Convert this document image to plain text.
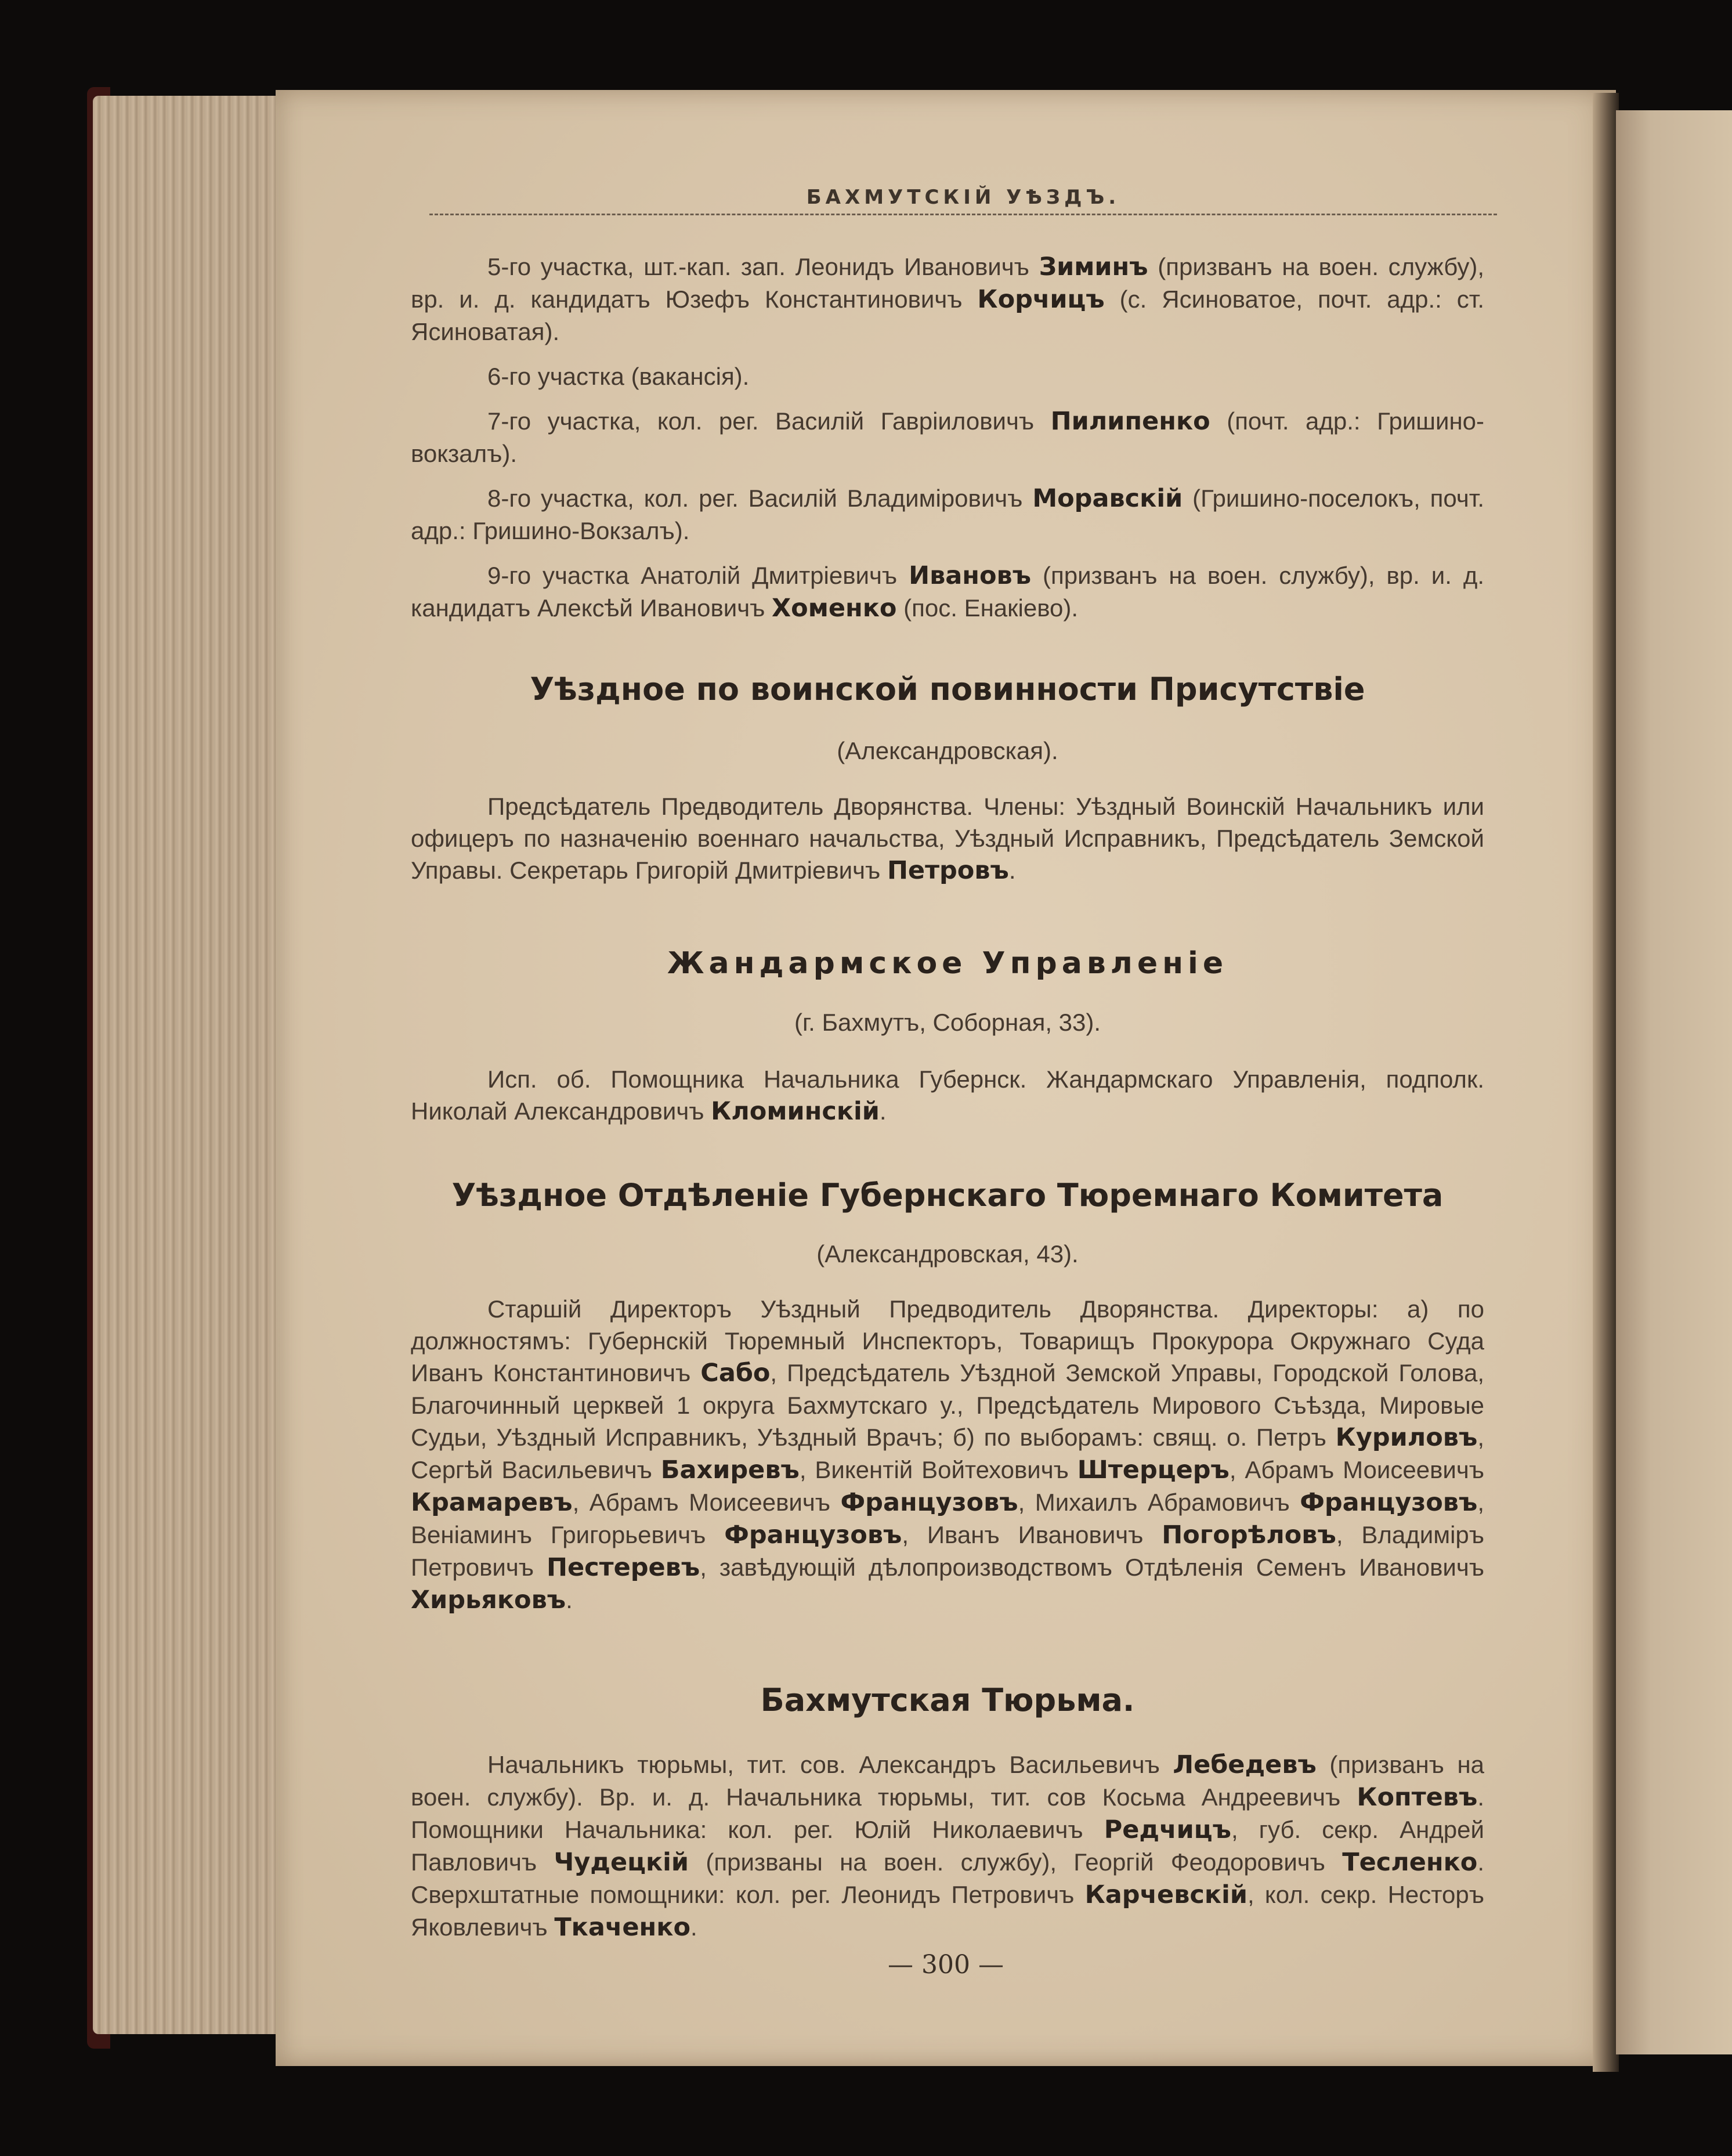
БАХМУТСКІЙ УѢЗДЪ.

5-го участка, шт.-кап. зап. Леонидъ Ивановичъ Зиминъ (призванъ на воен. службу), вр. и. д. кандидатъ Юзефъ Константиновичъ Корчицъ (с. Ясиноватое, почт. адр.: ст. Ясиноватая).

6-го участка (вакансія).

7-го участка, кол. рег. Василій Гавріиловичъ Пилипенко (почт. адр.: Гришино-вокзалъ).

8-го участка, кол. рег. Василій Владиміровичъ Моравскій (Гришино-поселокъ, почт. адр.: Гришино-Вокзалъ).

9-го участка Анатолій Дмитріевичъ Ивановъ (призванъ на воен. службу), вр. и. д. кандидатъ Алексѣй Ивановичъ Хоменко (пос. Енакіево).

Уѣздное по воинской повинности Присутствіе
(Александровская).

Предсѣдатель Предводитель Дворянства. Члены: Уѣздный Воинскій Начальникъ или офицеръ по назначенію военнаго начальства, Уѣздный Исправникъ, Предсѣдатель Земской Управы. Секретарь Григорій Дмитріевичъ Петровъ.

Жандармское Управленіе
(г. Бахмутъ, Соборная, 33).

Исп. об. Помощника Начальника Губернск. Жандармскаго Управленія, подполк. Николай Александровичъ Кломинскій.

Уѣздное Отдѣленіе Губернскаго Тюремнаго Комитета
(Александровская, 43).

Старшій Директоръ Уѣздный Предводитель Дворянства. Директоры: а) по должностямъ: Губернскій Тюремный Инспекторъ, Товарищъ Прокурора Окружнаго Суда Иванъ Константиновичъ Сабо, Предсѣдатель Уѣздной Земской Управы, Городской Голова, Благочинный церквей 1 округа Бахмутскаго у., Предсѣдатель Мирового Съѣзда, Мировые Судьи, Уѣздный Исправникъ, Уѣздный Врачъ; б) по выборамъ: свящ. о. Петръ Куриловъ, Сергѣй Васильевичъ Бахиревъ, Викентій Войтеховичъ Штерцеръ, Абрамъ Моисеевичъ Крамаревъ, Абрамъ Моисеевичъ Французовъ, Михаилъ Абрамовичъ Французовъ, Веніаминъ Григорьевичъ Французовъ, Иванъ Ивановичъ Погорѣловъ, Владиміръ Петровичъ Пестеревъ, завѣдующій дѣлопроизводствомъ Отдѣленія Семенъ Ивановичъ Хирьяковъ.

Бахмутская Тюрьма.

Начальникъ тюрьмы, тит. сов. Александръ Васильевичъ Лебедевъ (призванъ на воен. службу). Вр. и. д. Начальника тюрьмы, тит. сов Косьма Андреевичъ Коптевъ. Помощники Начальника: кол. рег. Юлій Николаевичъ Редчицъ, губ. секр. Андрей Павловичъ Чудецкій (призваны на воен. службу), Георгій Феодоровичъ Тесленко. Сверхштатные помощники: кол. рег. Леонидъ Петровичъ Карчевскій, кол. секр. Несторъ Яковлевичъ Ткаченко.

— 300 —
